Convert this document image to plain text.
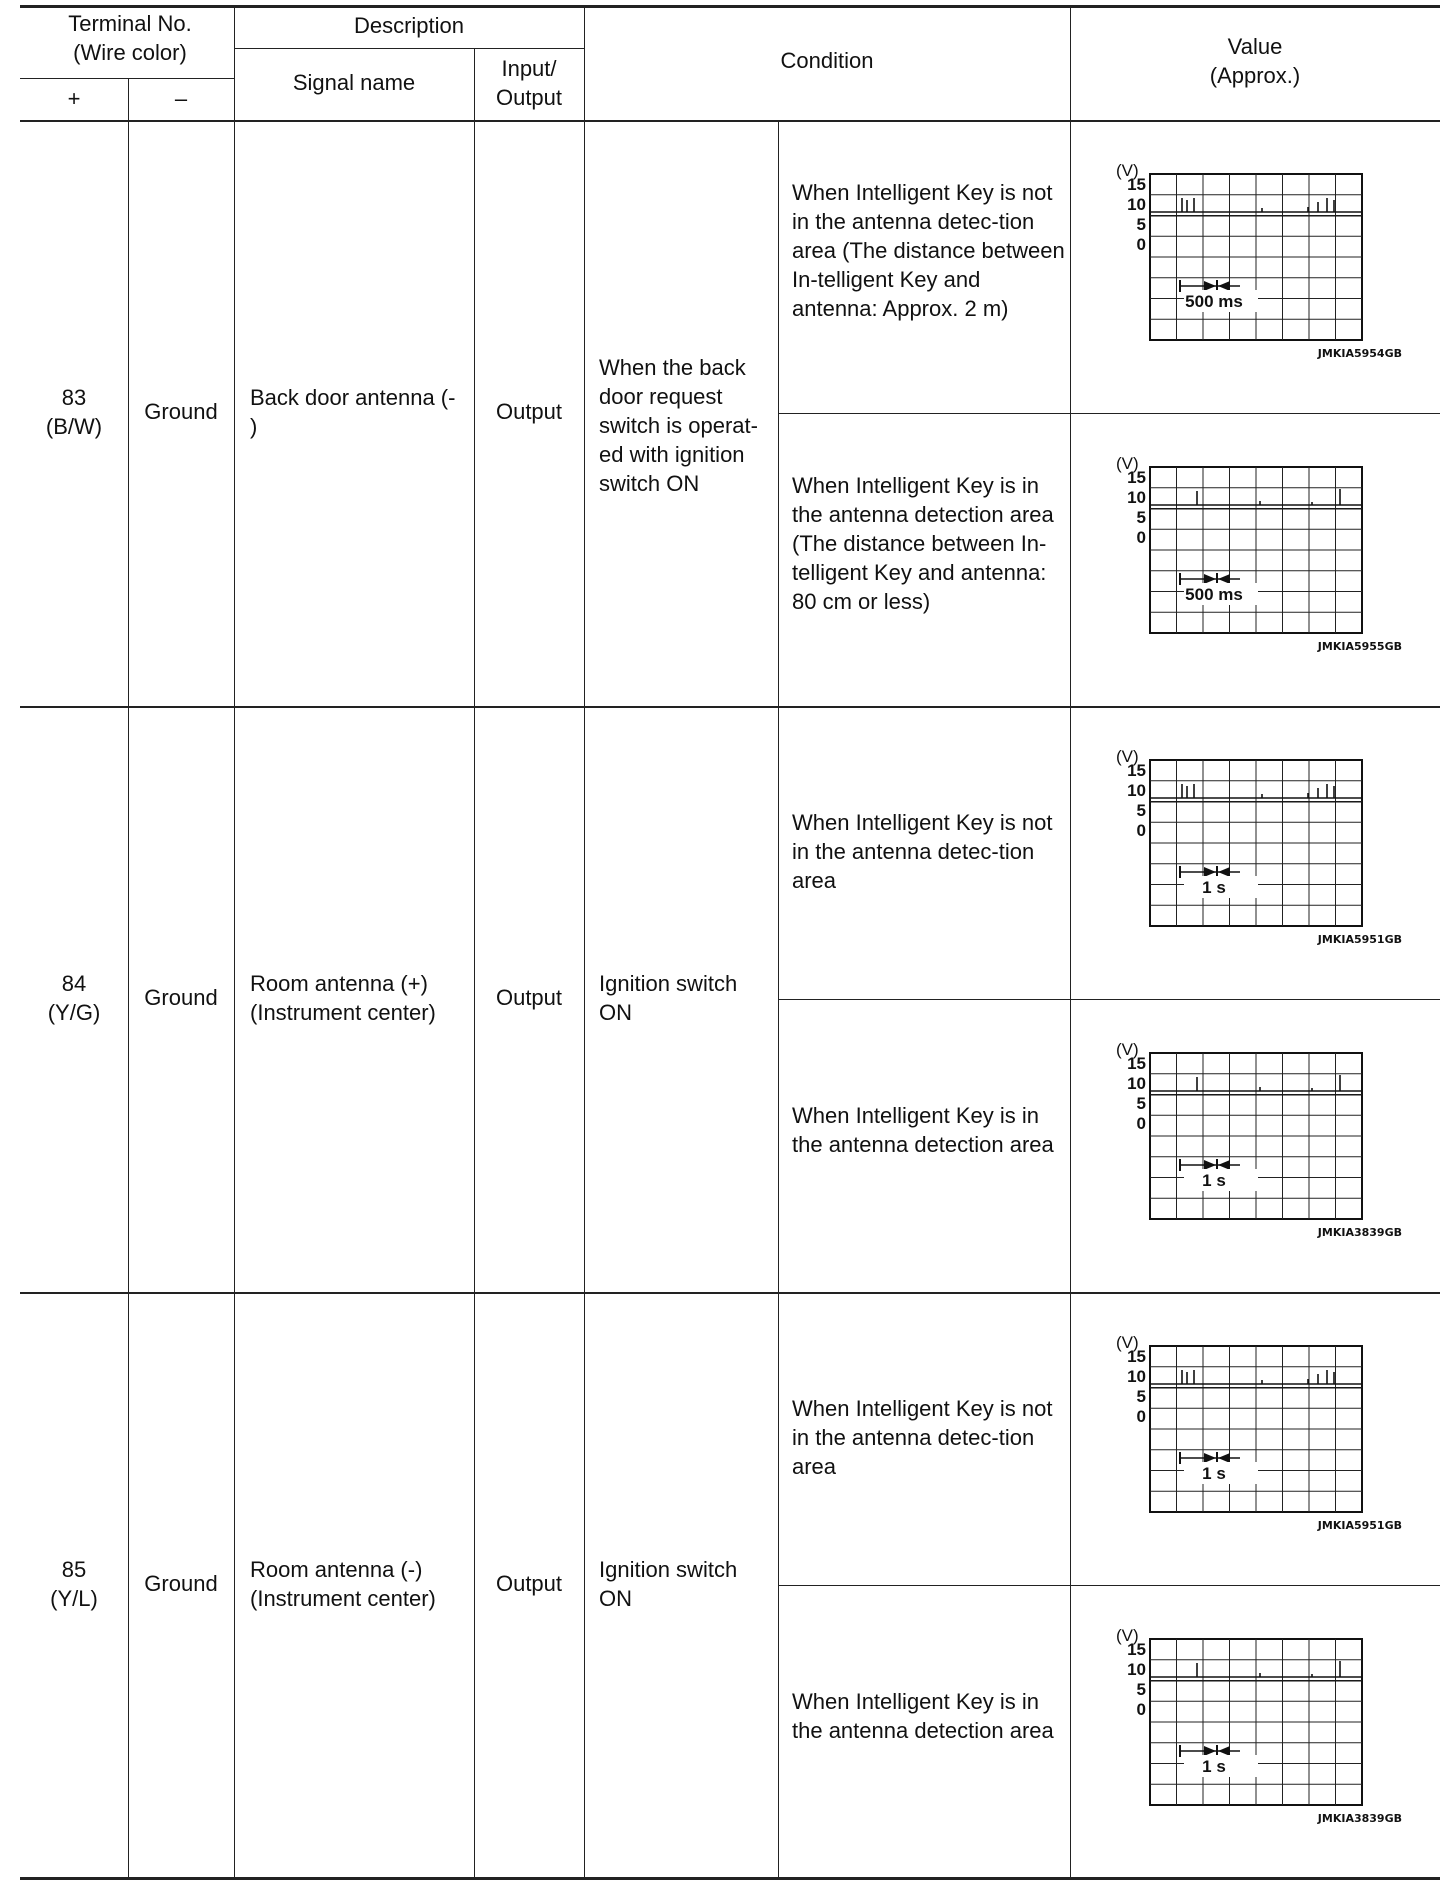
Terminal No.
(Wire color)
+	–
Description
Signal name
Input/
Output
Condition
Value
(Approx.)
83
(B/W)
Ground
Back door antenna (-
)
Output
When the back door request switch is operat-ed with ignition switch ON
When Intelligent Key is not in the antenna detec-tion area (The distance between In-telligent Key and antenna: Approx. 2 m)
When Intelligent Key is in the antenna detection area (The distance between In-telligent Key and antenna: 80 cm or less)
84
(Y/G)
Ground
Room antenna (+)
(Instrument center)
Output
Ignition switch ON
When Intelligent Key is not in the antenna detec-tion area
When Intelligent Key is in the antenna detection area
85
(Y/L)
Ground
Room antenna (-)
(Instrument center)
Output
Ignition switch ON
When Intelligent Key is not in the antenna detec-tion area
When Intelligent Key is in the antenna detection area
(V)
15
10
5
0
500 ms
JMKIA5954GB
(V)
15
10
5
0
500 ms
JMKIA5955GB
(V)
15
10
5
0
1 s
JMKIA5951GB
(V)
15
10
5
0
1 s
JMKIA3839GB
(V)
15
10
5
0
1 s
JMKIA5951GB
(V)
15
10
5
0
1 s
JMKIA3839GB
